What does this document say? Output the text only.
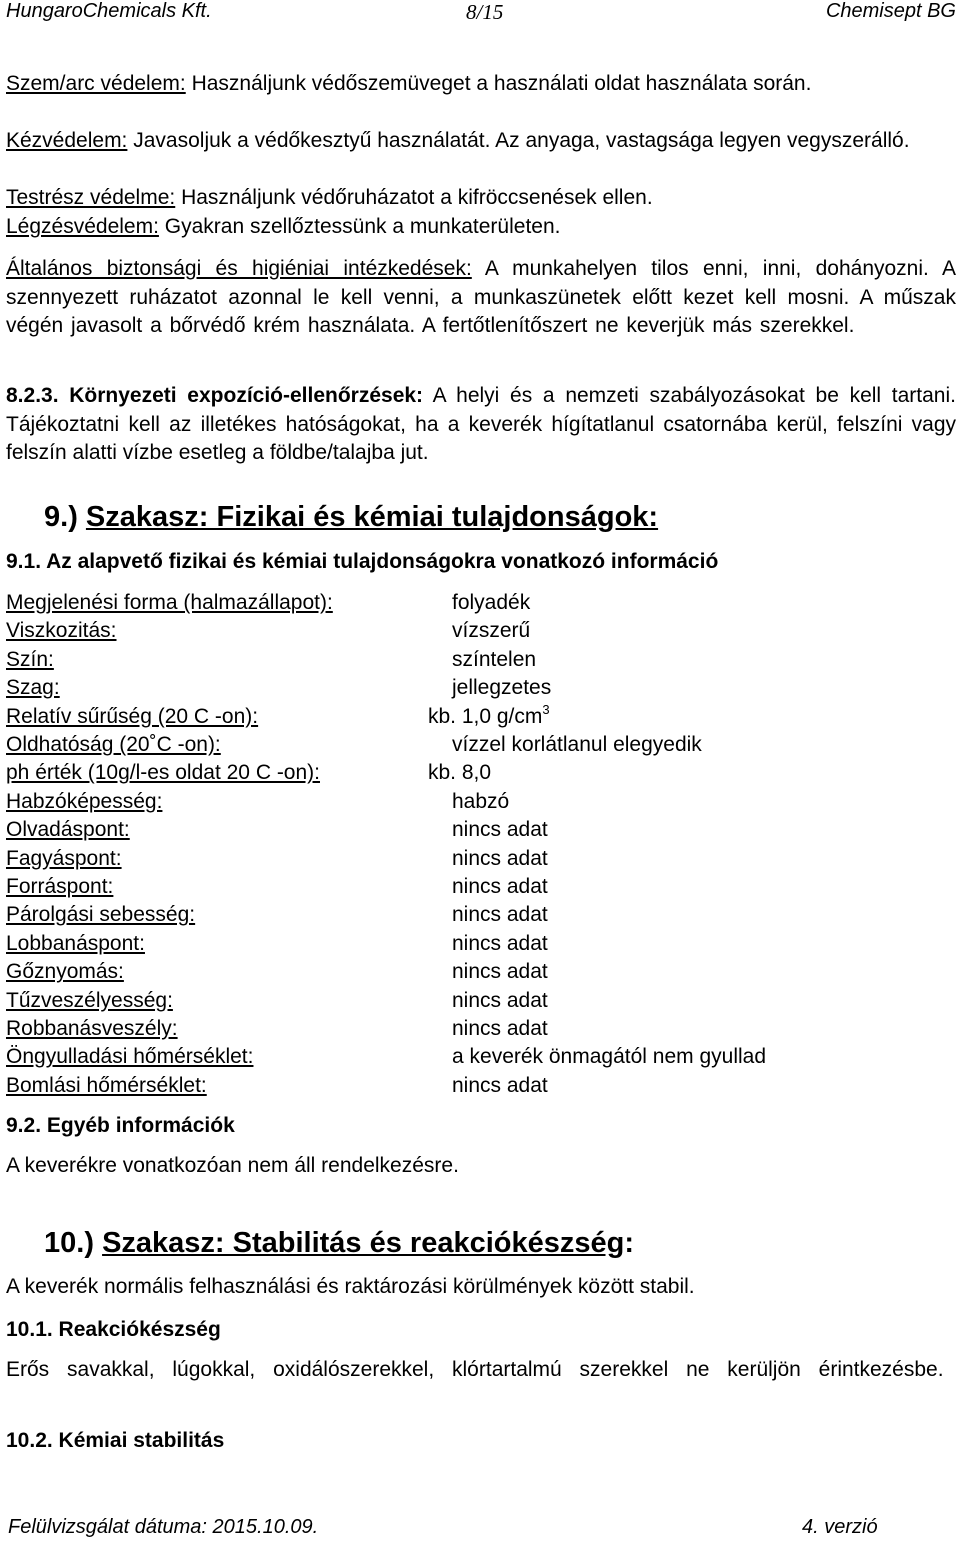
HungaroChemicals Kft.	8/15	Chemisept BG
Szem/arc védelem: Használjunk védőszemüveget a használati oldat használata során.
Kézvédelem: Javasoljuk a védőkesztyű használatát. Az anyaga, vastagsága legyen vegyszerálló.
Testrész védelme: Használjunk védőruházatot a kifröccsenések ellen.
Légzésvédelem: Gyakran szellőztessünk a munkaterületen.
Általános biztonsági és higiéniai intézkedések: A munkahelyen tilos enni, inni, dohányozni. A szennyezett ruházatot azonnal le kell venni, a munkaszünetek előtt kezet kell mosni. A műszak végén javasolt a bőrvédő krém használata. A fertőtlenítőszert ne keverjük más szerekkel.
8.2.3. Környezeti expozíció-ellenőrzések: A helyi és a nemzeti szabályozásokat be kell tartani. Tájékoztatni kell az illetékes hatóságokat, ha a keverék hígítatlanul csatornába kerül, felszíni vagy felszín alatti vízbe esetleg a földbe/talajba jut.
9.) Szakasz: Fizikai és kémiai tulajdonságok:
9.1. Az alapvető fizikai és kémiai tulajdonságokra vonatkozó információ
Megjelenési forma (halmazállapot):	folyadék
Viszkozitás:	vízszerű
Szín:	színtelen
Szag:	jellegzetes
Relatív sűrűség (20 C -on):	kb. 1,0 $g/cm^3$
Oldhatóság (20˚C -on):	vízzel korlátlanul elegyedik
ph érték (10g/l-es oldat 20 C -on):	kb. 8,0
Habzóképesség:	habzó
Olvadáspont:	nincs adat
Fagyáspont:	nincs adat
Forráspont:	nincs adat
Párolgási sebesség:	nincs adat
Lobbanáspont:	nincs adat
Gőznyomás:	nincs adat
Tűzveszélyesség:	nincs adat
Robbanásveszély:	nincs adat
Öngyulladási hőmérséklet:	a keverék önmagától nem gyullad
Bomlási hőmérséklet:	nincs adat
9.2. Egyéb információk
A keverékre vonatkozóan nem áll rendelkezésre.
10.) Szakasz: Stabilitás és reakciókészség:
A keverék normális felhasználási és raktározási körülmények között stabil.
10.1. Reakciókészség
Erős savakkal, lúgokkal, oxidálószerekkel, klórtartalmú szerekkel ne kerüljön érintkezésbe.
10.2. Kémiai stabilitás
Felülvizsgálat dátuma: 2015.10.09.	4. verzió
